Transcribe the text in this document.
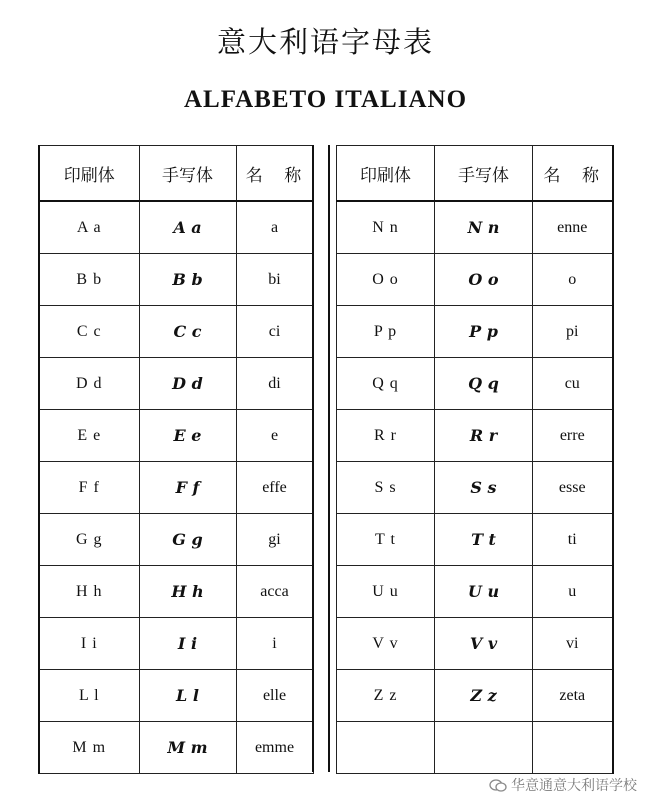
意大利语字母表
ALFABETO ITALIANO
印刷体	手写体	名 称
A a	A a	a
B b	B b	bi
C c	C c	ci
D d	D d	di
E e	E e	e
F f	F f	effe
G g	G g	gi
H h	H h	acca
I i	I i	i
L l	L l	elle
M m	M m	emme
印刷体	手写体	名 称
N n	N n	enne
O o	O o	o
P p	P p	pi
Q q	Q q	cu
R r	R r	erre
S s	S s	esse
T t	T t	ti
U u	U u	u
V v	V v	vi
Z z	Z z	zeta

华意通意大利语学校
